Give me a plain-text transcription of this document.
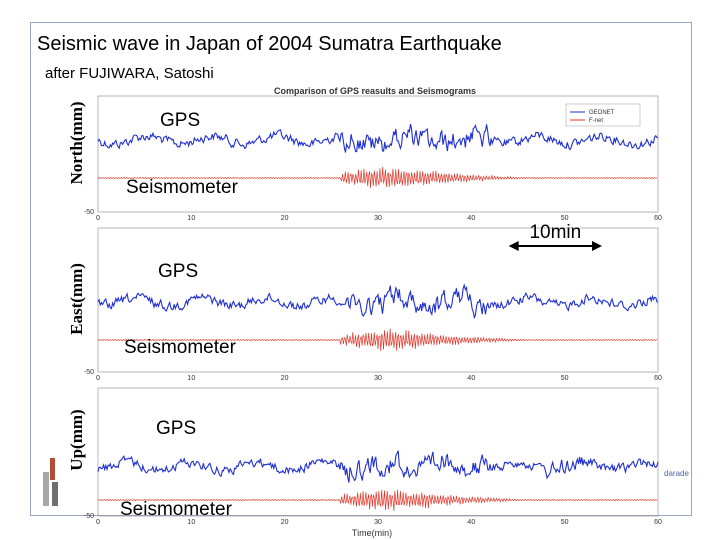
Seismic wave in Japan of 2004 Sumatra Earthquake
after FUJIWARA, Satoshi
0	10	20	30	40	50	60
-50
GPS
Seismometer
North(mm)
0	10	20	30	40	50	60
-50
GPS
Seismometer
East(mm)
0	10	20	30	40	50	60
-50
GPS
Seismometer
Up(mm)
Comparison of GPS reasults and Seismograms
Time(min)
GEONET
F-net
10min
darade
